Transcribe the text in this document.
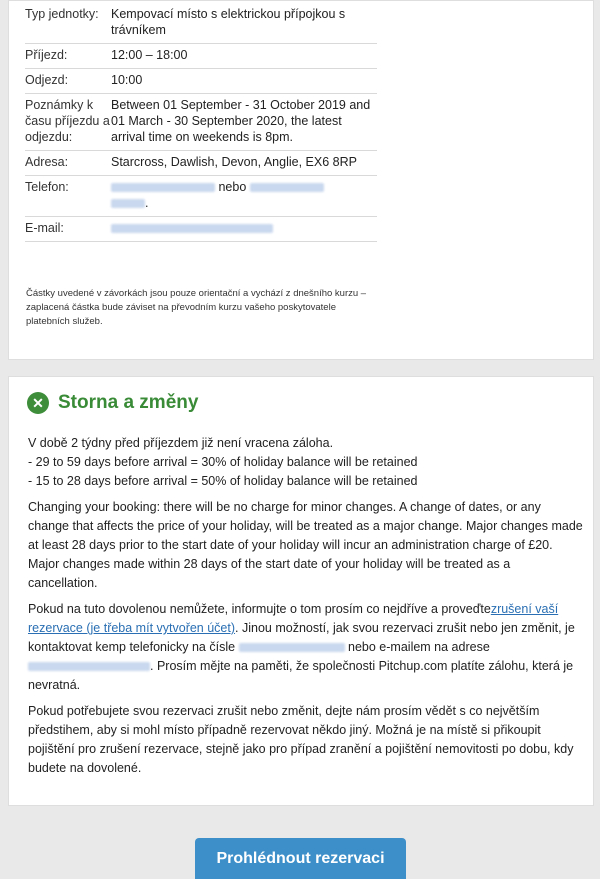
Typ jednotky:	Kempovací místo s elektrickou přípojkou s trávníkem
Příjezd:	12:00 – 18:00
Odjezd:	10:00
Poznámky k času příjezdu a odjezdu:	Between 01 September - 31 October 2019 and 01 March - 30 September 2020, the latest arrival time on weekends is 8pm.
Adresa:	Starcross, Dawlish, Devon, Anglie, EX6 8RP
Telefon:	nebo
.
E-mail:	
Částky uvedené v závorkách jsou pouze orientační a vychází z dnešního kurzu – zaplacená částka bude záviset na převodním kurzu vašeho poskytovatele platebních služeb.
✕ Storna a změny

V době 2 týdny před příjezdem již není vracena záloha.
- 29 to 59 days before arrival = 30% of holiday balance will be retained
- 15 to 28 days before arrival = 50% of holiday balance will be retained

Changing your booking: there will be no charge for minor changes. A change of dates, or any change that affects the price of your holiday, will be treated as a major change. Major changes made at least 28 days prior to the start date of your holiday will incur an administration charge of £20. Major changes made within 28 days of the start date of your holiday will be treated as a cancellation.

Pokud na tuto dovolenou nemůžete, informujte o tom prosím co nejdříve a proveďtezrušení vaší rezervace (je třeba mít vytvořen účet). Jinou možností, jak svou rezervaci zrušit nebo jen změnit, je kontaktovat kemp telefonicky na čísle	nebo e-mailem na adrese . Prosím mějte na paměti, že společnosti Pitchup.com platíte zálohu, která je nevratná.

Pokud potřebujete svou rezervaci zrušit nebo změnit, dejte nám prosím vědět s co největším předstihem, aby si mohl místo případně rezervovat někdo jiný. Možná je na místě si přikoupit pojištění pro zrušení rezervace, stejně jako pro případ zranění a pojištění nemovitosti po dobu, kdy budete na dovolené.

Prohlédnout rezervaci
